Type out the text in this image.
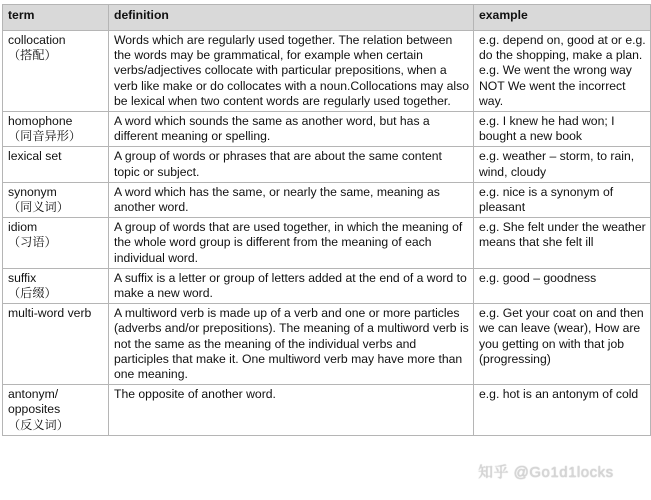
term	definition	example
collocation
（搭配）	Words which are regularly used together. The relation between the words may be grammatical, for example when certain verbs/adjectives collocate with particular prepositions, when a verb like make or do collocates with a noun.Collocations may also be lexical when two content words are regularly used together.	e.g. depend on, good at or e.g. do the shopping, make a plan. e.g. We went the wrong way NOT We went the incorrect way.
homophone
（同音异形）	A word which sounds the same as another word, but has a different meaning or spelling.	e.g. I knew he had won; I bought a new book
lexical set	A group of words or phrases that are about the same content topic or subject.	e.g. weather – storm, to rain, wind, cloudy
synonym
（同义词）	A word which has the same, or nearly the same, meaning as another word.	e.g. nice is a synonym of pleasant
idiom
（习语）	A group of words that are used together, in which the meaning of the whole word group is different from the meaning of each individual word.	e.g. She felt under the weather means that she felt ill
suffix
（后缀）	A suffix is a letter or group of letters added at the end of a word to make a new word.	e.g. good – goodness
multi-word verb	A multiword verb is made up of a verb and one or more particles (adverbs and/or prepositions). The meaning of a multiword verb is not the same as the meaning of the individual verbs and participles that make it. One multiword verb may have more than one meaning.	e.g. Get your coat on and then we can leave (wear), How are you getting on with that job (progressing)
antonym/ opposites
（反义词）	The opposite of another word.	e.g. hot is an antonym of cold
知乎 @Go1d1locks
